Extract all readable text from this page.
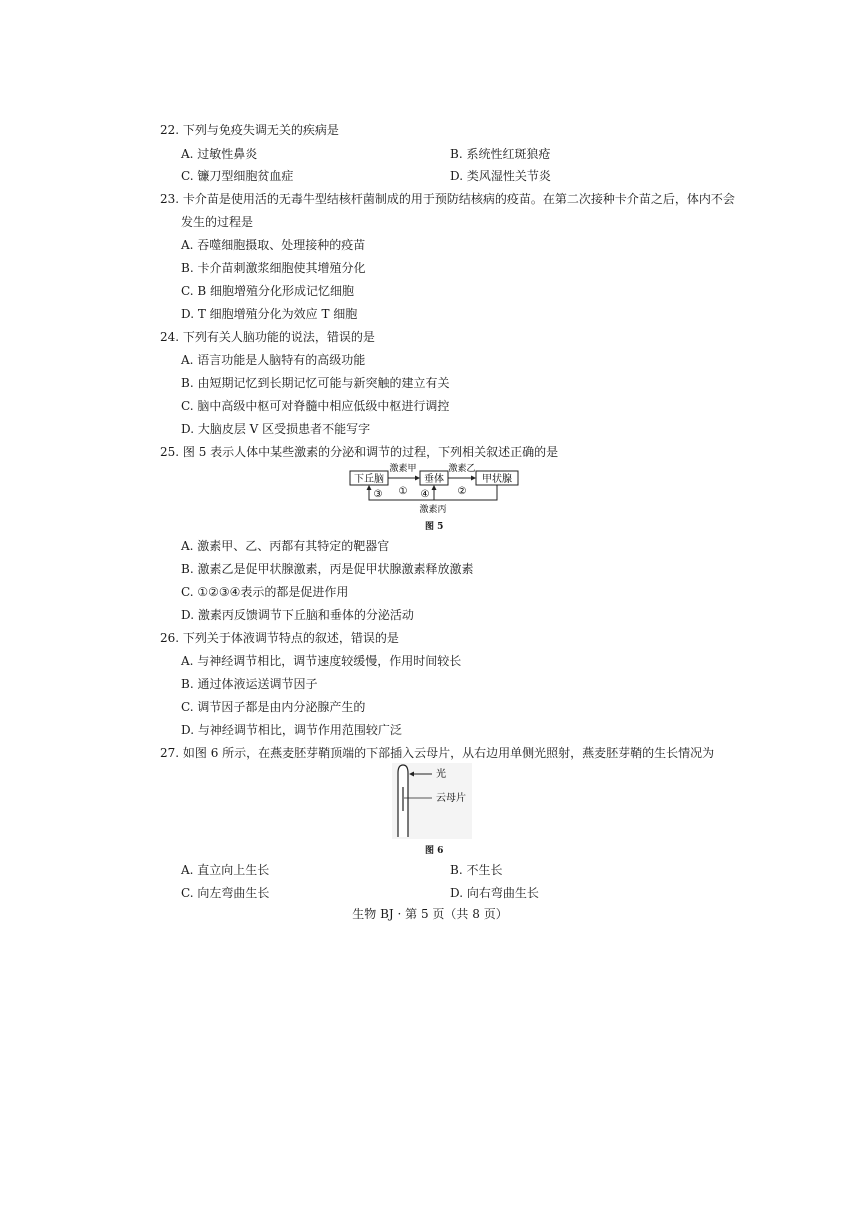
22. 下列与免疫失调无关的疾病是
A. 过敏性鼻炎	B. 系统性红斑狼疮
C. 镰刀型细胞贫血症	D. 类风湿性关节炎
23. 卡介苗是使用活的无毒牛型结核杆菌制成的用于预防结核病的疫苗。在第二次接种卡介苗之后，体内不会
发生的过程是
A. 吞噬细胞摄取、处理接种的疫苗
B. 卡介苗刺激浆细胞使其增殖分化
C. B 细胞增殖分化形成记忆细胞
D. T 细胞增殖分化为效应 T 细胞
24. 下列有关人脑功能的说法，错误的是
A. 语言功能是人脑特有的高级功能
B. 由短期记忆到长期记忆可能与新突触的建立有关
C. 脑中高级中枢可对脊髓中相应低级中枢进行调控
D. 大脑皮层 V 区受损患者不能写字
25. 图 5 表示人体中某些激素的分泌和调节的过程，下列相关叙述正确的是
下丘脑	垂体	甲状腺
激素甲	激素乙
①	②
③	④
激素丙
图 5
A. 激素甲、乙、丙都有其特定的靶器官
B. 激素乙是促甲状腺激素，丙是促甲状腺激素释放激素
C. ①②③④表示的都是促进作用
D. 激素丙反馈调节下丘脑和垂体的分泌活动
26. 下列关于体液调节特点的叙述，错误的是
A. 与神经调节相比，调节速度较缓慢，作用时间较长
B. 通过体液运送调节因子
C. 调节因子都是由内分泌腺产生的
D. 与神经调节相比，调节作用范围较广泛
27. 如图 6 所示，在燕麦胚芽鞘顶端的下部插入云母片，从右边用单侧光照射，燕麦胚芽鞘的生长情况为
光
云母片
图 6
A. 直立向上生长	B. 不生长
C. 向左弯曲生长	D. 向右弯曲生长
生物 BJ · 第 5 页（共 8 页）
